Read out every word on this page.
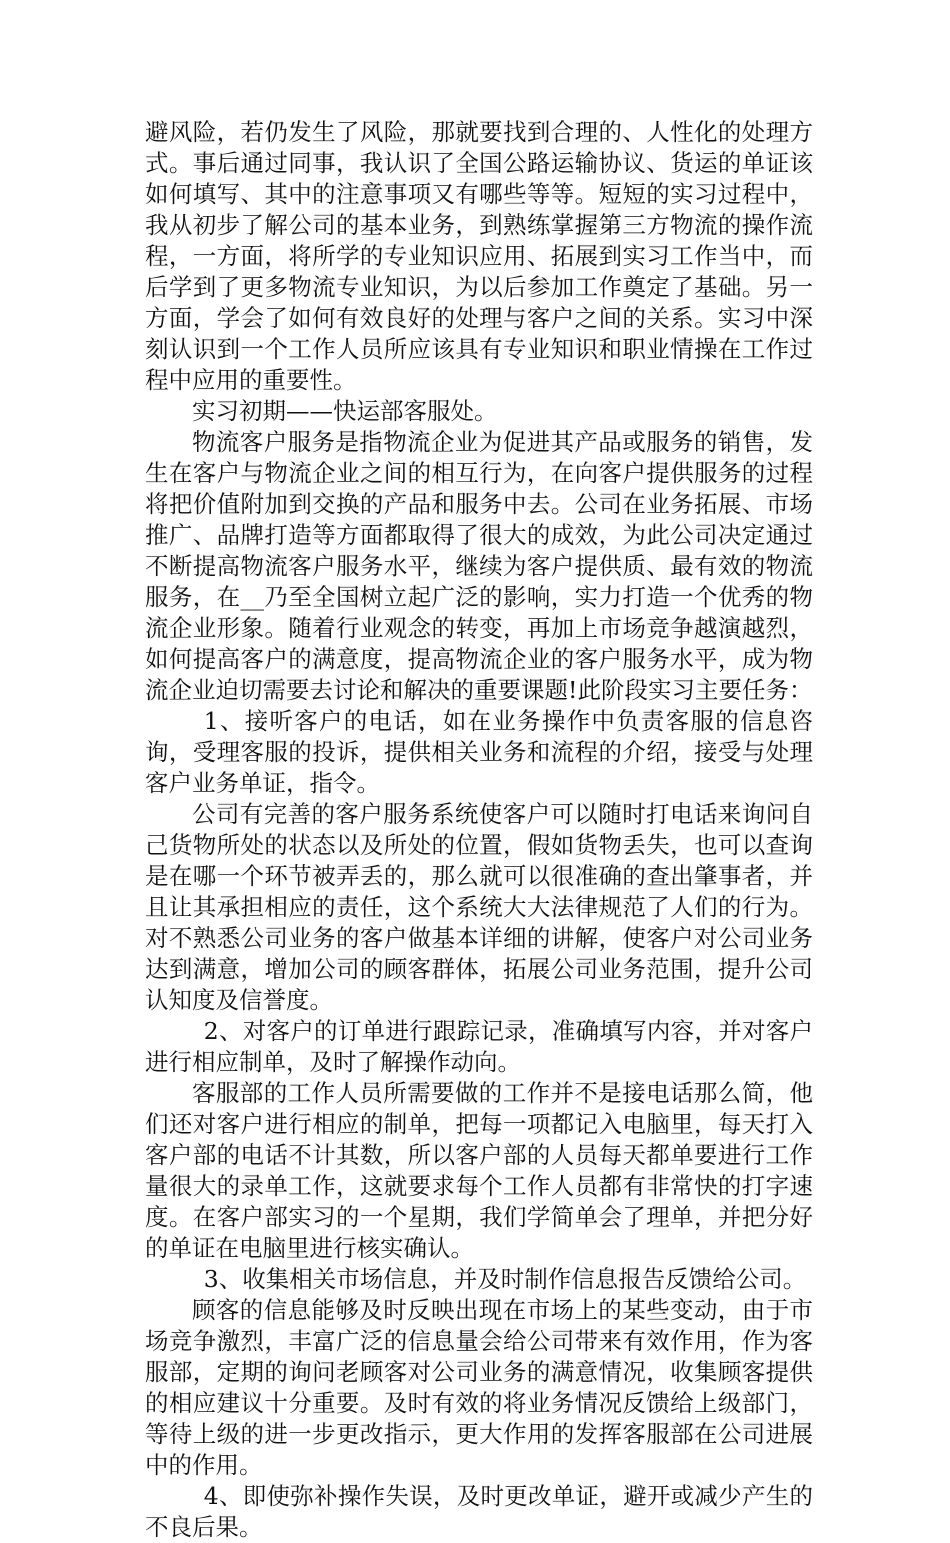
避风险，若仍发生了风险，那就要找到合理的、人性化的处理方式。事后通过同事，我认识了全国公路运输协议、货运的单证该如何填写、其中的注意事项又有哪些等等。短短的实习过程中，我从初步了解公司的基本业务，到熟练掌握第三方物流的操作流程，一方面，将所学的专业知识应用、拓展到实习工作当中，而后学到了更多物流专业知识，为以后参加工作奠定了基础。另一方面，学会了如何有效良好的处理与客户之间的关系。实习中深刻认识到一个工作人员所应该具有专业知识和职业情操在工作过程中应用的重要性。

实习初期——快运部客服处。

物流客户服务是指物流企业为促进其产品或服务的销售，发生在客户与物流企业之间的相互行为，在向客户提供服务的过程将把价值附加到交换的产品和服务中去。公司在业务拓展、市场推广、品牌打造等方面都取得了很大的成效，为此公司决定通过不断提高物流客户服务水平，继续为客户提供质、最有效的物流服务，在__乃至全国树立起广泛的影响，实力打造一个优秀的物流企业形象。随着行业观念的转变，再加上市场竞争越演越烈，如何提高客户的满意度，提高物流企业的客户服务水平，成为物流企业迫切需要去讨论和解决的重要课题!此阶段实习主要任务：

1、接听客户的电话，如在业务操作中负责客服的信息咨询，受理客服的投诉，提供相关业务和流程的介绍，接受与处理客户业务单证，指令。

公司有完善的客户服务系统使客户可以随时打电话来询问自己货物所处的状态以及所处的位置，假如货物丢失，也可以查询是在哪一个环节被弄丢的，那么就可以很准确的查出肇事者，并且让其承担相应的责任，这个系统大大法律规范了人们的行为。对不熟悉公司业务的客户做基本详细的讲解，使客户对公司业务达到满意，增加公司的顾客群体，拓展公司业务范围，提升公司认知度及信誉度。

2、对客户的订单进行跟踪记录，准确填写内容，并对客户进行相应制单，及时了解操作动向。

客服部的工作人员所需要做的工作并不是接电话那么简，他们还对客户进行相应的制单，把每一项都记入电脑里，每天打入客户部的电话不计其数，所以客户部的人员每天都单要进行工作量很大的录单工作，这就要求每个工作人员都有非常快的打字速度。在客户部实习的一个星期，我们学简单会了理单，并把分好的单证在电脑里进行核实确认。

3、收集相关市场信息，并及时制作信息报告反馈给公司。

顾客的信息能够及时反映出现在市场上的某些变动，由于市场竞争激烈，丰富广泛的信息量会给公司带来有效作用，作为客服部，定期的询问老顾客对公司业务的满意情况，收集顾客提供的相应建议十分重要。及时有效的将业务情况反馈给上级部门，等待上级的进一步更改指示，更大作用的发挥客服部在公司进展中的作用。

4、即使弥补操作失误，及时更改单证，避开或减少产生的不良后果。
